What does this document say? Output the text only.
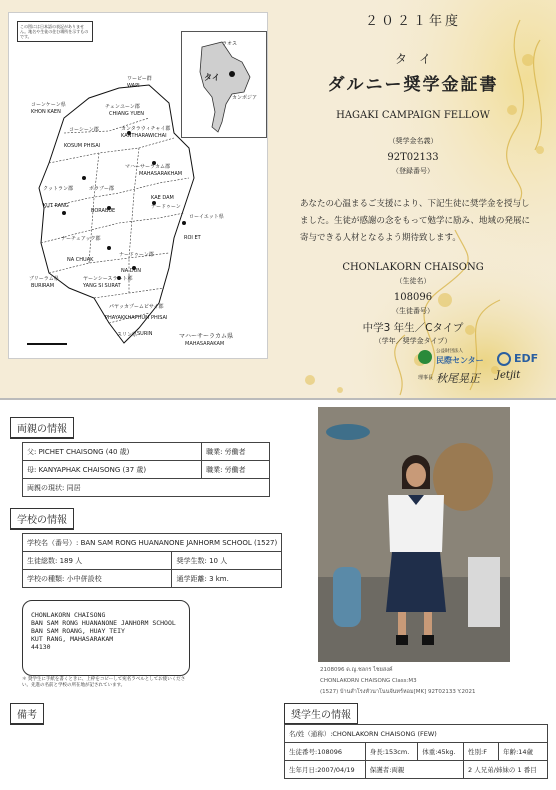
この図には日本語の表記がありません。地名や生徒の住む場所を示すものです。
ラオス
タイ
カンボジア
ワーピー群
WAPI
チェンユーン郡
CHIANG YUEN
コーンケーン県
KHON KAEN
コーシーン郡
KOSUM PHISAI
カンタラウィチャイ郡
KANTHARAWICHAI
マハーサーラカム郡
MAHASARAKHAM
ボラブー郡
BORABUE
クットラン郡
KUT RANG
KAE DAM
ナードゥーン
ローイエット県
ROI ET
ナーチュアック郡
NA CHUAK
ナードゥーン郡
NA DUN
ヤーンシースラート郡
YANG SI SURAT
ブリーラム県
BURIRAM
パヤッカプームピサイ郡
PHAYAKKHAPHUM PHISAI
スリン県 SURIN	マハーサーラカム県
MAHASARAKAM
２０２１年度
タ　イ
ダルニー奨学金証書
HAGAKI CAMPAIGN FELLOW
（奨学金名義）
92T02133
（登録番号）
あなたの心温まるご支援により、下記生徒に奨学金を授与しました。生徒が感謝の念をもって勉学に励み、地域の発展に寄与できる人材となるよう期待致します。
CHONLAKORN CHAISONG
（生徒名）
108096
（生徒番号）
中学3 年生／Cタイプ
（学年／奨学金タイプ）
公益財団法人
民際センター
理事長 秋尾晃正
EDF
Jetjit
両親の情報
父: PICHET CHAISONG (40 歳)	職業: 労働者
母: KANYAPHAK CHAISONG (37 歳)	職業: 労働者
両親の現状: 同居	
学校の情報
学校名（番号）: BAN SAM RONG HUANANONE JANHORM SCHOOL (1527)	
生徒総数: 189 人	奨学生数: 10 人
学校の種類: 小中併設校	通学距離: 3 km.
CHONLAKORN CHAISONG
BAN SAM RONG HUANANONE JANHORM SCHOOL
BAN SAM ROANG, HUAY TEIY
KUT RANG, MAHASARAKAM
44130
＊ 奨学生に手紙を書くときに、上枠をコピーして宛名ラベルとしてお使いください。先進の名前と学校の所在地が記されています。
備考
2108096 ด.ญ.ชลกร ไชยสงค์
CHONLAKORN CHAISONG Class:M3
(1527) บ้านสำโรงหัวนาโนนจันทร์หอม[MK] 92T02133 Y.2021
奨学生の情報
名/姓（通称）:CHONLAKORN CHAISONG (FEW)				
生徒番号:108096	身長:153cm.	体重:45kg.	性別:F	年齢:14歳
生年月日:2007/04/19	保護者:両親		2 人兄弟/姉妹の 1 番目	
